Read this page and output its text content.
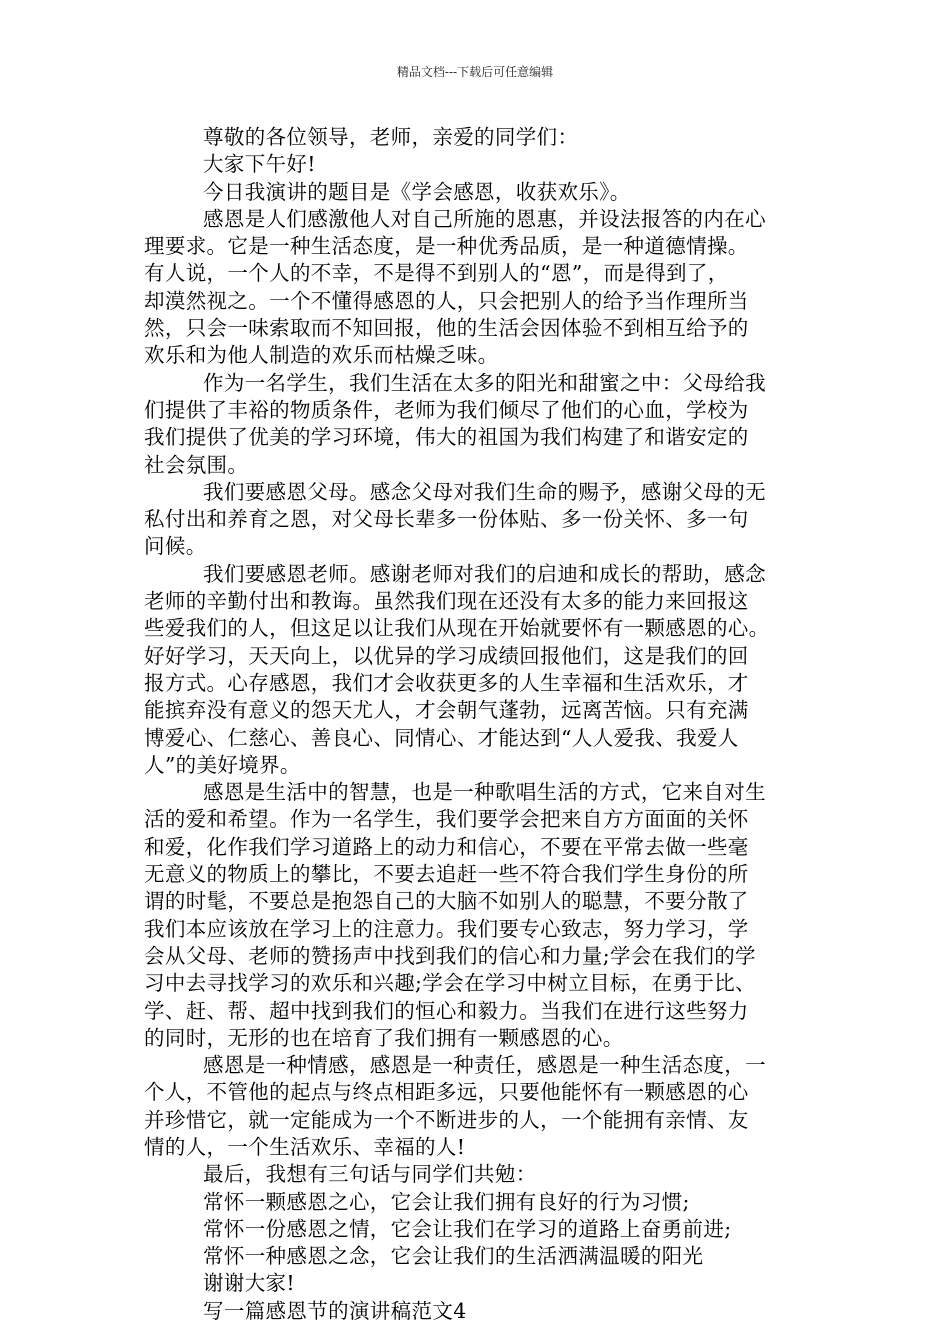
精品文档---下载后可任意编辑
尊敬的各位领导，老师，亲爱的同学们：
大家下午好!
今日我演讲的题目是《学会感恩，收获欢乐》。
感恩是人们感激他人对自己所施的恩惠，并设法报答的内在心
理要求。它是一种生活态度，是一种优秀品质，是一种道德情操。
有人说，一个人的不幸，不是得不到别人的“恩”，而是得到了，
却漠然视之。一个不懂得感恩的人，只会把别人的给予当作理所当
然，只会一味索取而不知回报，他的生活会因体验不到相互给予的
欢乐和为他人制造的欢乐而枯燥乏味。
作为一名学生，我们生活在太多的阳光和甜蜜之中：父母给我
们提供了丰裕的物质条件，老师为我们倾尽了他们的心血，学校为
我们提供了优美的学习环境，伟大的祖国为我们构建了和谐安定的
社会氛围。
我们要感恩父母。感念父母对我们生命的赐予，感谢父母的无
私付出和养育之恩，对父母长辈多一份体贴、多一份关怀、多一句
问候。
我们要感恩老师。感谢老师对我们的启迪和成长的帮助，感念
老师的辛勤付出和教诲。虽然我们现在还没有太多的能力来回报这
些爱我们的人，但这足以让我们从现在开始就要怀有一颗感恩的心。
好好学习，天天向上，以优异的学习成绩回报他们，这是我们的回
报方式。心存感恩，我们才会收获更多的人生幸福和生活欢乐，才
能摈弃没有意义的怨天尤人，才会朝气蓬勃，远离苦恼。只有充满
博爱心、仁慈心、善良心、同情心、才能达到“人人爱我、我爱人
人”的美好境界。
感恩是生活中的智慧，也是一种歌唱生活的方式，它来自对生
活的爱和希望。作为一名学生，我们要学会把来自方方面面的关怀
和爱，化作我们学习道路上的动力和信心，不要在平常去做一些毫
无意义的物质上的攀比，不要去追赶一些不符合我们学生身份的所
谓的时髦，不要总是抱怨自己的大脑不如别人的聪慧，不要分散了
我们本应该放在学习上的注意力。我们要专心致志，努力学习，学
会从父母、老师的赞扬声中找到我们的信心和力量;学会在我们的学
习中去寻找学习的欢乐和兴趣;学会在学习中树立目标，在勇于比、
学、赶、帮、超中找到我们的恒心和毅力。当我们在进行这些努力
的同时，无形的也在培育了我们拥有一颗感恩的心。
感恩是一种情感，感恩是一种责任，感恩是一种生活态度，一
个人，不管他的起点与终点相距多远，只要他能怀有一颗感恩的心
并珍惜它，就一定能成为一个不断进步的人，一个能拥有亲情、友
情的人，一个生活欢乐、幸福的人!
最后，我想有三句话与同学们共勉：
常怀一颗感恩之心，它会让我们拥有良好的行为习惯;
常怀一份感恩之情，它会让我们在学习的道路上奋勇前进;
常怀一种感恩之念，它会让我们的生活洒满温暖的阳光
谢谢大家!
写一篇感恩节的演讲稿范文4
